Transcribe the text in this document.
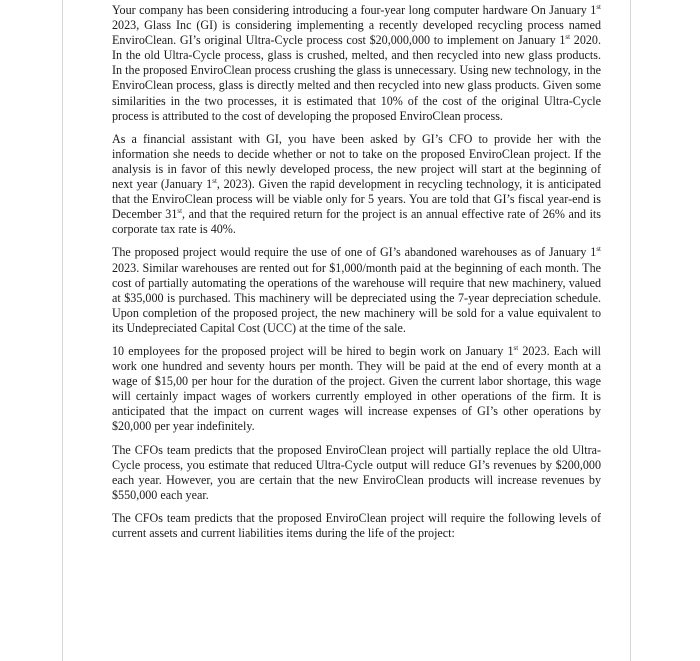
Your company has been considering introducing a four-year long computer hardware On January 1st 2023, Glass Inc (GI) is considering implementing a recently developed recycling process named EnviroClean. GI’s original Ultra-Cycle process cost $20,000,000 to implement on January 1st 2020. In the old Ultra-Cycle process, glass is crushed, melted, and then recycled into new glass products. In the proposed EnviroClean process crushing the glass is unnecessary. Using new technology, in the EnviroClean process, glass is directly melted and then recycled into new glass products. Given some similarities in the two processes, it is estimated that 10% of the cost of the original Ultra-Cycle process is attributed to the cost of developing the proposed EnviroClean process.

As a financial assistant with GI, you have been asked by GI’s CFO to provide her with the information she needs to decide whether or not to take on the proposed EnviroClean project. If the analysis is in favor of this newly developed process, the new project will start at the beginning of next year (January 1st, 2023). Given the rapid development in recycling technology, it is anticipated that the EnviroClean process will be viable only for 5 years. You are told that GI’s fiscal year-end is December 31st, and that the required return for the project is an annual effective rate of 26% and its corporate tax rate is 40%.

The proposed project would require the use of one of GI’s abandoned warehouses as of January 1st 2023. Similar warehouses are rented out for $1,000/month paid at the beginning of each month. The cost of partially automating the operations of the warehouse will require that new machinery, valued at $35,000 is purchased. This machinery will be depreciated using the 7-year depreciation schedule. Upon completion of the proposed project, the new machinery will be sold for a value equivalent to its Undepreciated Capital Cost (UCC) at the time of the sale.

10 employees for the proposed project will be hired to begin work on January 1st 2023. Each will work one hundred and seventy hours per month. They will be paid at the end of every month at a wage of $15,00 per hour for the duration of the project. Given the current labor shortage, this wage will certainly impact wages of workers currently employed in other operations of the firm. It is anticipated that the impact on current wages will increase expenses of GI’s other operations by $20,000 per year indefinitely.

The CFOs team predicts that the proposed EnviroClean project will partially replace the old Ultra-Cycle process, you estimate that reduced Ultra-Cycle output will reduce GI’s revenues by $200,000 each year. However, you are certain that the new EnviroClean products will increase revenues by $550,000 each year.

The CFOs team predicts that the proposed EnviroClean project will require the following levels of current assets and current liabilities items during the life of the project:
